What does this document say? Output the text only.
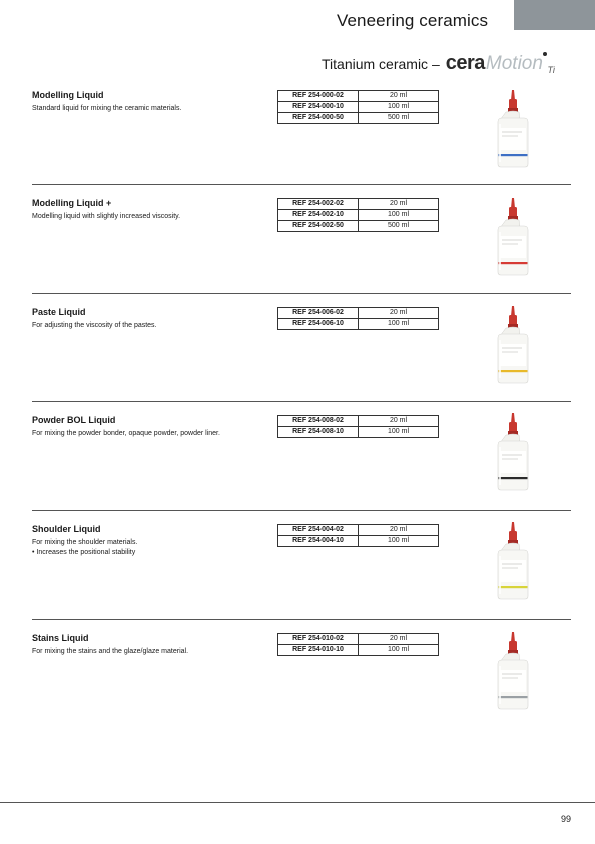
Veneering ceramics
Titanium ceramic – cera Motion Ti
Modelling Liquid
Standard liquid for mixing the ceramic materials.
REF 254-000-02	20 ml
REF 254-000-10	100 ml
REF 254-000-50	500 ml
Modelling Liquid +
Modelling liquid with slightly increased viscosity.
REF 254-002-02	20 ml
REF 254-002-10	100 ml
REF 254-002-50	500 ml
Paste Liquid
For adjusting the viscosity of the pastes.
REF 254-006-02	20 ml
REF 254-006-10	100 ml
Powder BOL Liquid
For mixing the powder bonder, opaque powder, powder liner.
REF 254-008-02	20 ml
REF 254-008-10	100 ml
Shoulder Liquid
For mixing the shoulder materials.
• Increases the positional stability
REF 254-004-02	20 ml
REF 254-004-10	100 ml
Stains Liquid
For mixing the stains and the glaze/glaze material.
REF 254-010-02	20 ml
REF 254-010-10	100 ml
99
